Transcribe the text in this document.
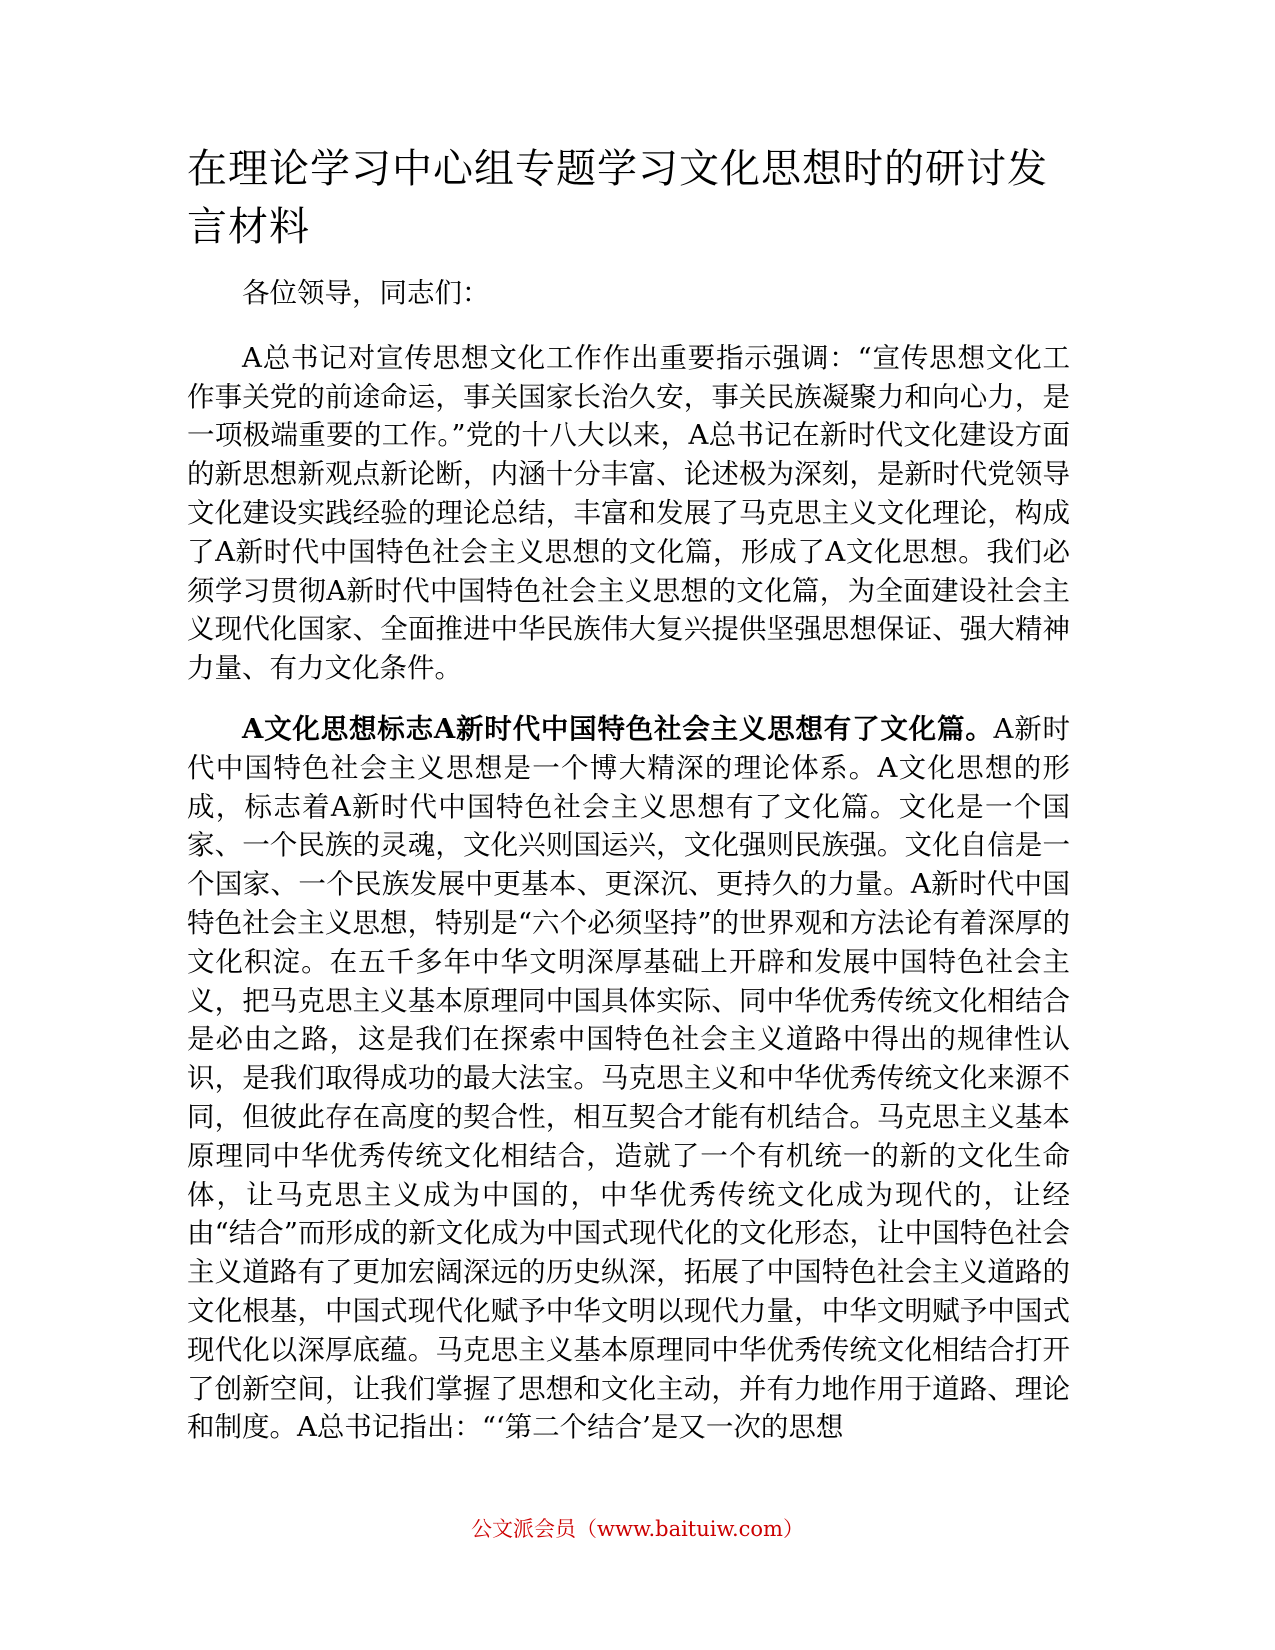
在理论学习中心组专题学习文化思想时的研讨发言材料

各位领导，同志们：

A总书记对宣传思想文化工作作出重要指示强调：“宣传思想文化工作事关党的前途命运，事关国家长治久安，事关民族凝聚力和向心力，是一项极端重要的工作。”党的十八大以来，A总书记在新时代文化建设方面的新思想新观点新论断，内涵十分丰富、论述极为深刻，是新时代党领导文化建设实践经验的理论总结，丰富和发展了马克思主义文化理论，构成了A新时代中国特色社会主义思想的文化篇，形成了A文化思想。我们必须学习贯彻A新时代中国特色社会主义思想的文化篇，为全面建设社会主义现代化国家、全面推进中华民族伟大复兴提供坚强思想保证、强大精神力量、有力文化条件。

A文化思想标志A新时代中国特色社会主义思想有了文化篇。A新时代中国特色社会主义思想是一个博大精深的理论体系。A文化思想的形成，标志着A新时代中国特色社会主义思想有了文化篇。文化是一个国家、一个民族的灵魂，文化兴则国运兴，文化强则民族强。文化自信是一个国家、一个民族发展中更基本、更深沉、更持久的力量。A新时代中国特色社会主义思想，特别是“六个必须坚持”的世界观和方法论有着深厚的文化积淀。在五千多年中华文明深厚基础上开辟和发展中国特色社会主义，把马克思主义基本原理同中国具体实际、同中华优秀传统文化相结合是必由之路，这是我们在探索中国特色社会主义道路中得出的规律性认识，是我们取得成功的最大法宝。马克思主义和中华优秀传统文化来源不同，但彼此存在高度的契合性，相互契合才能有机结合。马克思主义基本原理同中华优秀传统文化相结合，造就了一个有机统一的新的文化生命体，让马克思主义成为中国的，中华优秀传统文化成为现代的，让经由“结合”而形成的新文化成为中国式现代化的文化形态，让中国特色社会主义道路有了更加宏阔深远的历史纵深，拓展了中国特色社会主义道路的文化根基，中国式现代化赋予中华文明以现代力量，中华文明赋予中国式现代化以深厚底蕴。马克思主义基本原理同中华优秀传统文化相结合打开了创新空间，让我们掌握了思想和文化主动，并有力地作用于道路、理论和制度。A总书记指出：“‘第二个结合’是又一次的思想

公文派会员（www.baituiw.com）
